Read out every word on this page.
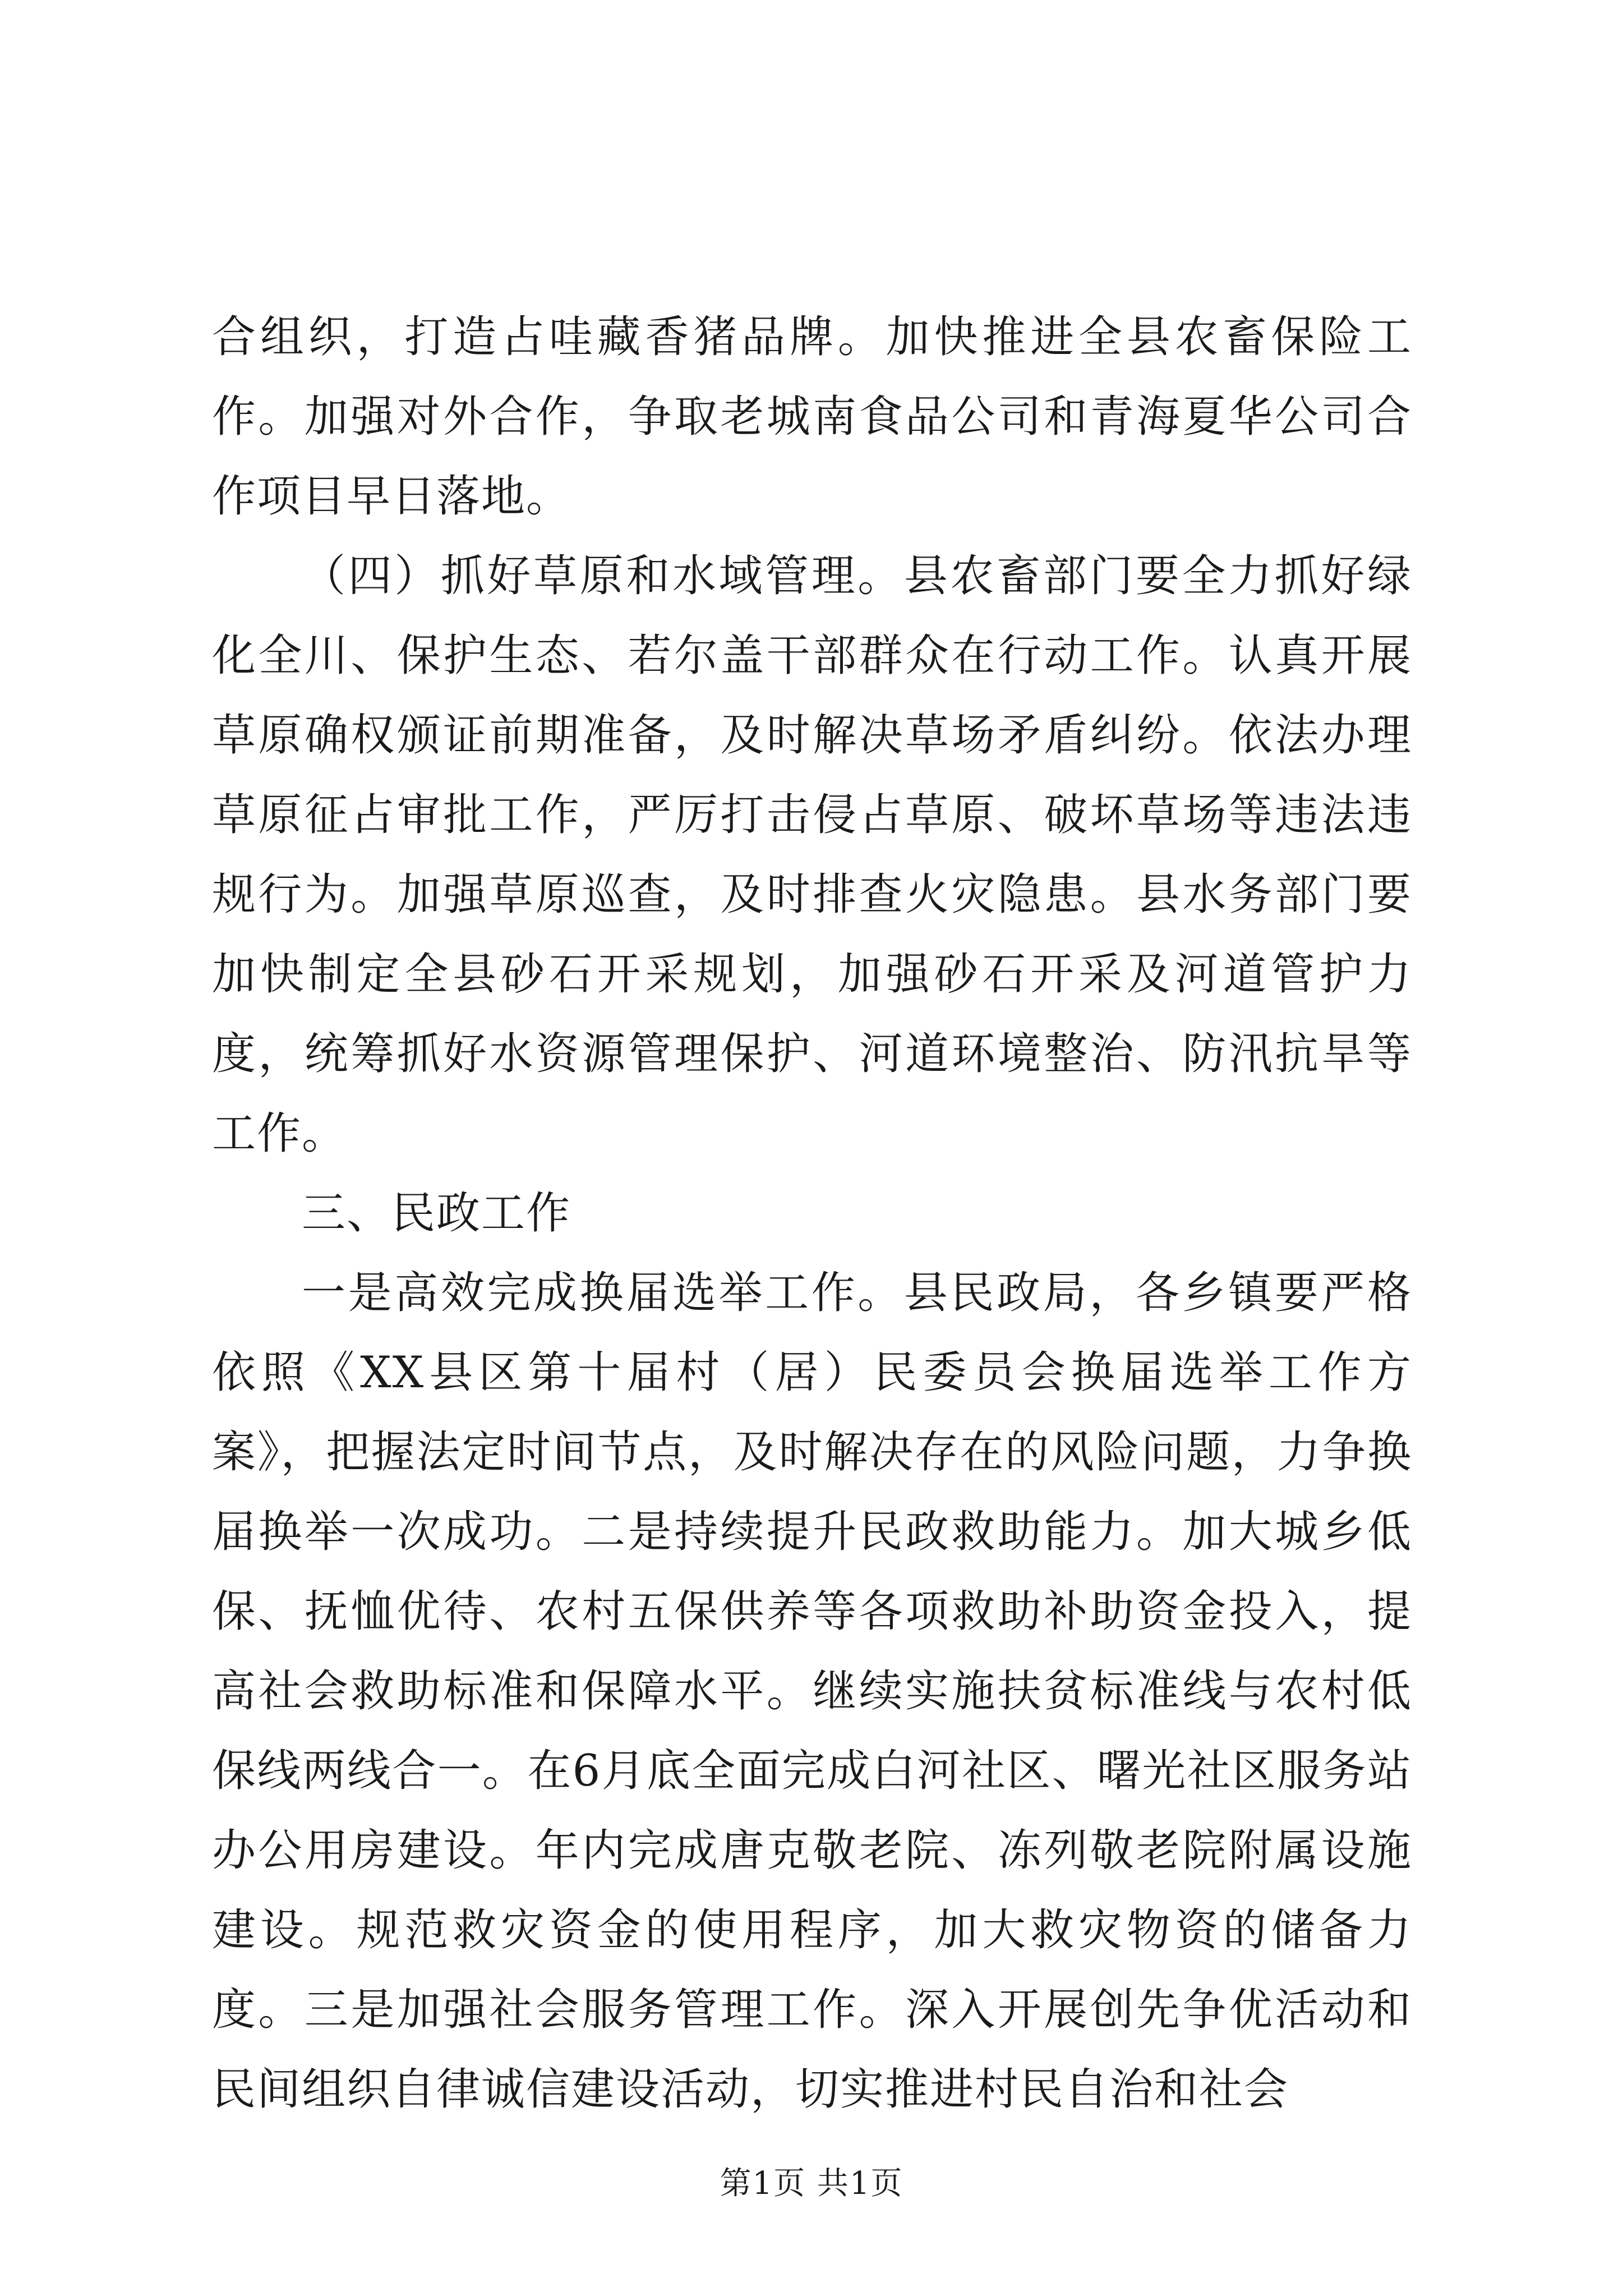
合组织，打造占哇藏香猪品牌。加快推进全县农畜保险工作。加强对外合作，争取老城南食品公司和青海夏华公司合作项目早日落地。

（四）抓好草原和水域管理。县农畜部门要全力抓好绿化全川、保护生态、若尔盖干部群众在行动工作。认真开展草原确权颁证前期准备，及时解决草场矛盾纠纷。依法办理草原征占审批工作，严厉打击侵占草原、破坏草场等违法违规行为。加强草原巡查，及时排查火灾隐患。县水务部门要加快制定全县砂石开采规划，加强砂石开采及河道管护力度，统筹抓好水资源管理保护、河道环境整治、防汛抗旱等工作。

三、民政工作

一是高效完成换届选举工作。县民政局，各乡镇要严格依照《XX县区第十届村（居）民委员会换届选举工作方案》，把握法定时间节点，及时解决存在的风险问题，力争换届换举一次成功。二是持续提升民政救助能力。加大城乡低保、抚恤优待、农村五保供养等各项救助补助资金投入，提高社会救助标准和保障水平。继续实施扶贫标准线与农村低保线两线合一。在6月底全面完成白河社区、曙光社区服务站办公用房建设。年内完成唐克敬老院、冻列敬老院附属设施建设。规范救灾资金的使用程序，加大救灾物资的储备力度。三是加强社会服务管理工作。深入开展创先争优活动和民间组织自律诚信建设活动，切实推进村民自治和社会

第1页 共1页
